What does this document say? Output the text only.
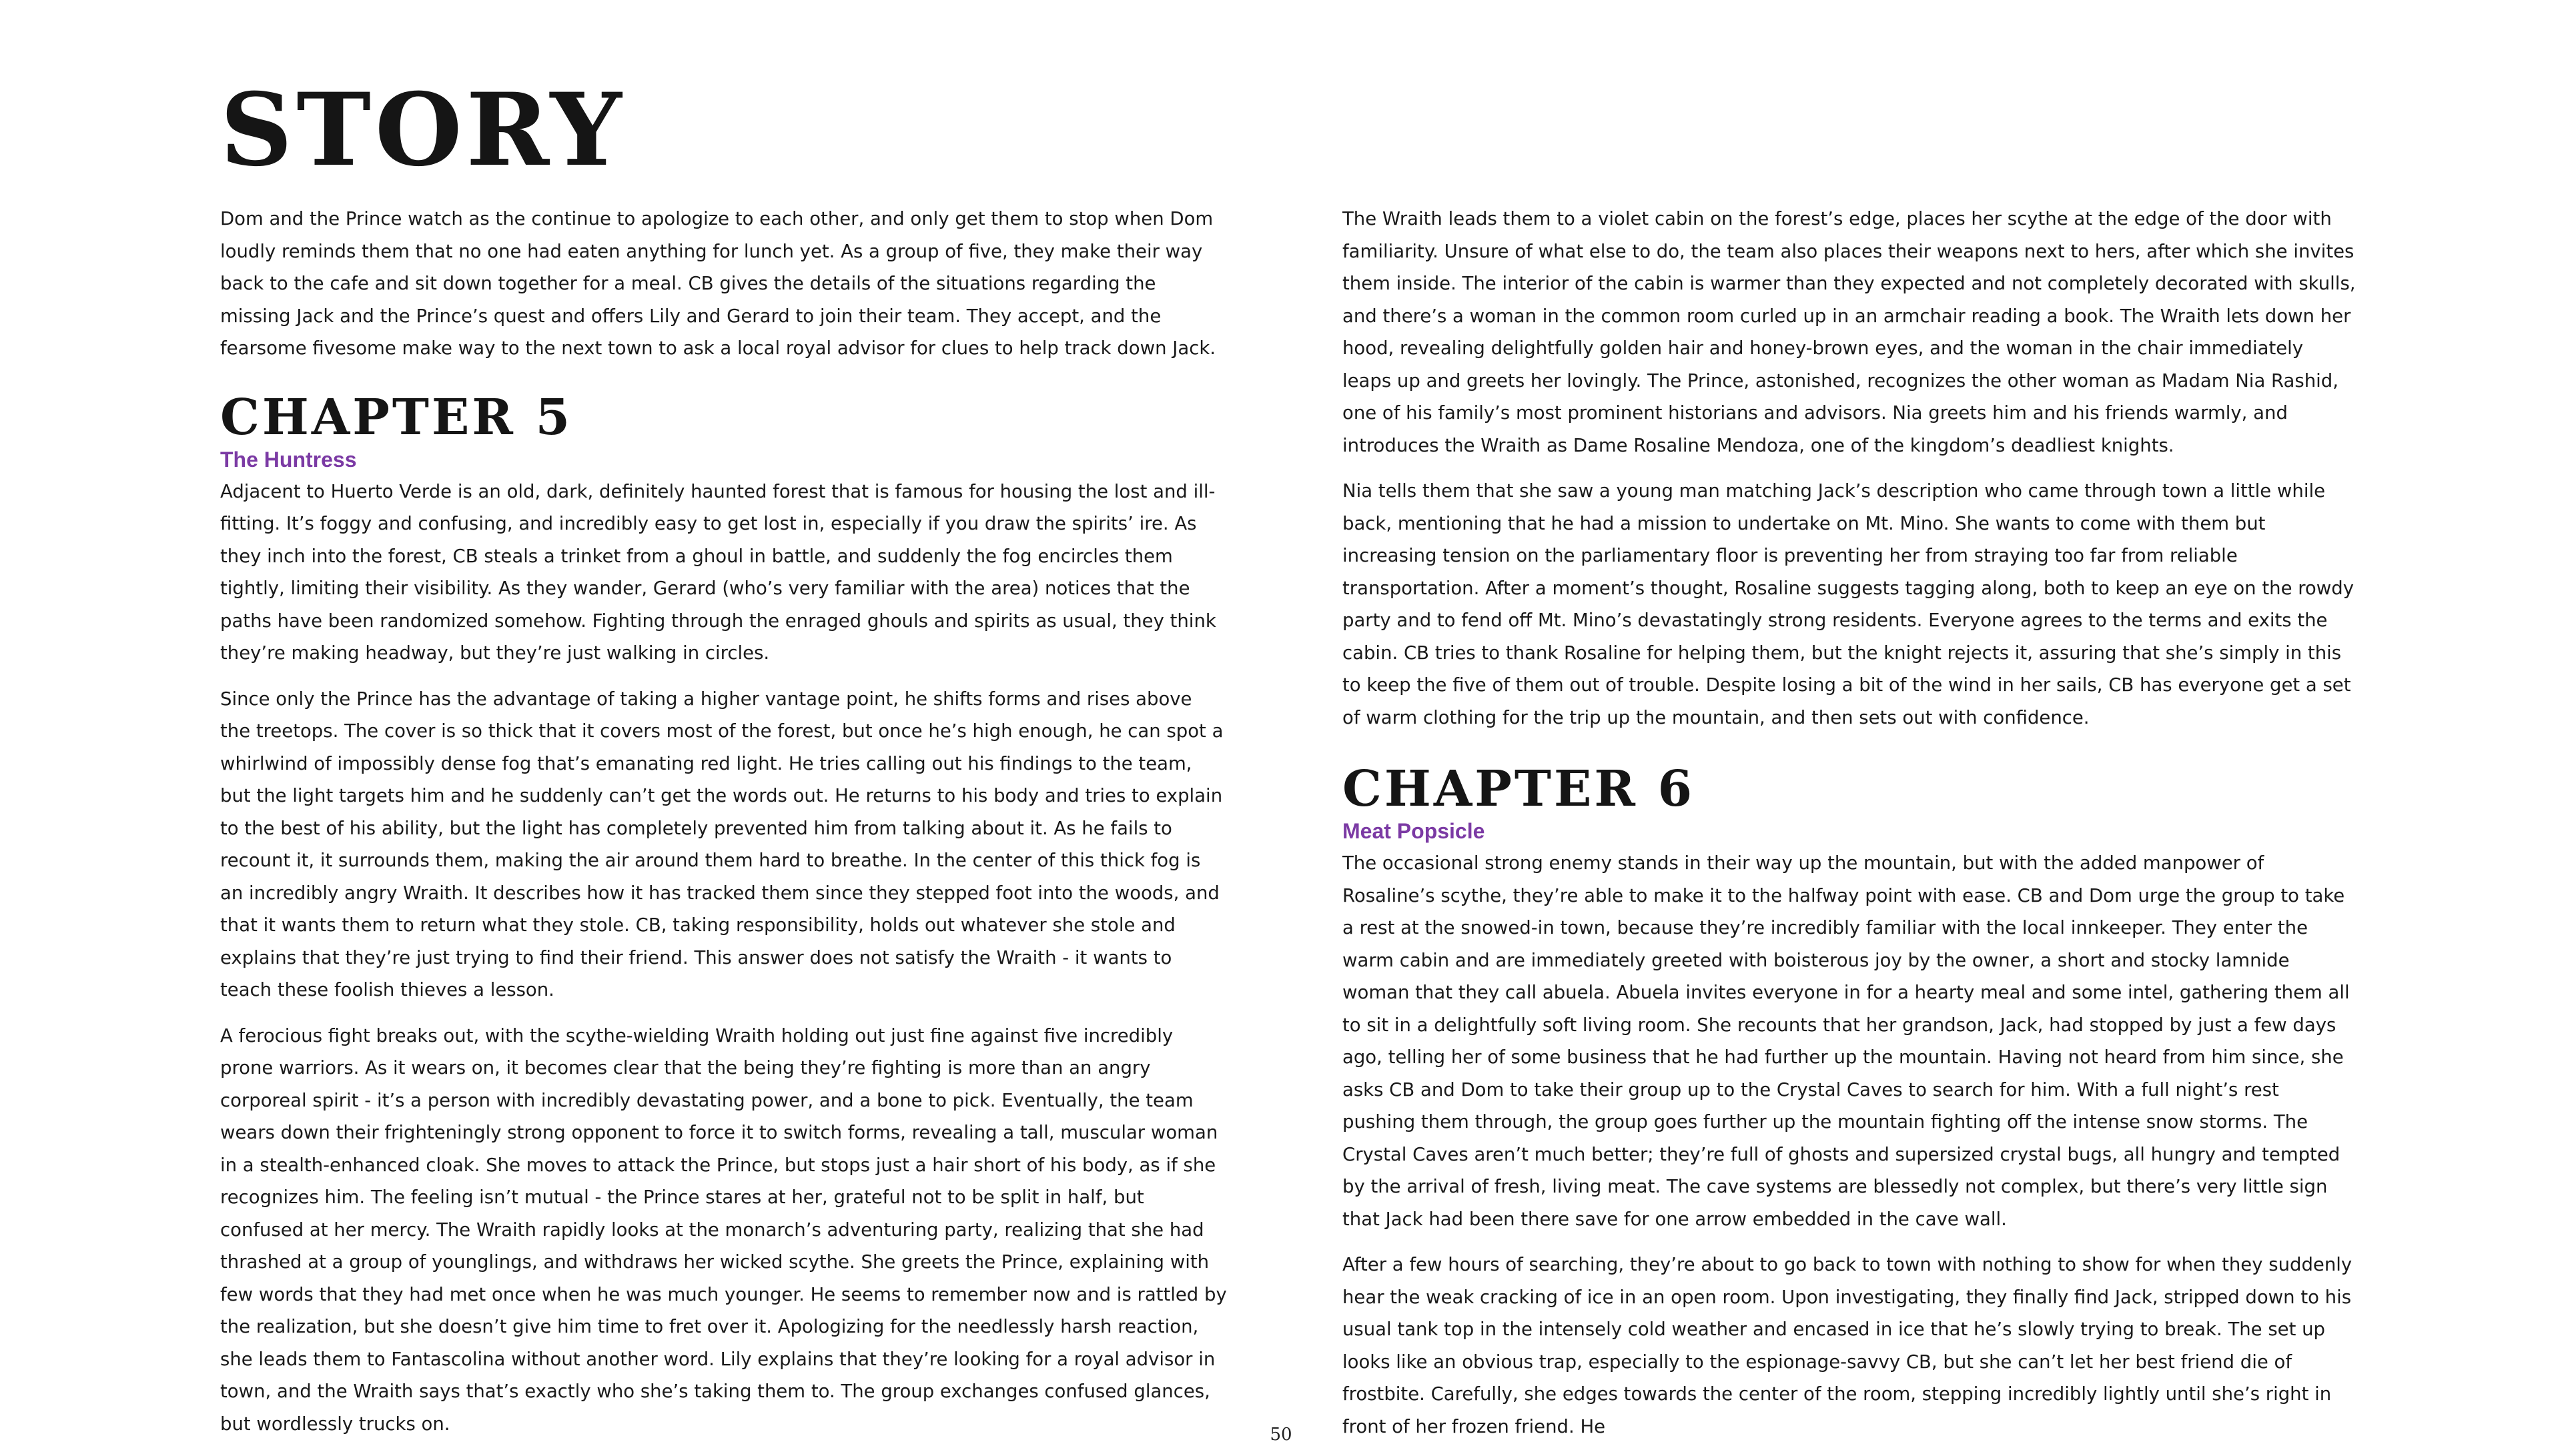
STORY

Dom and the Prince watch as the continue to apologize to each other, and only get them to stop when Dom loudly reminds them that no one had eaten anything for lunch yet. As a group of five, they make their way back to the cafe and sit down together for a meal. CB gives the details of the situations regarding the missing Jack and the Prince’s quest and offers Lily and Gerard to join their team. They accept, and the fearsome fivesome make way to the next town to ask a local royal advisor for clues to help track down Jack.

CHAPTER 5
The Huntress

Adjacent to Huerto Verde is an old, dark, definitely haunted forest that is famous for housing the lost and ill-fitting. It’s foggy and confusing, and incredibly easy to get lost in, especially if you draw the spirits’ ire. As they inch into the forest, CB steals a trinket from a ghoul in battle, and suddenly the fog encircles them tightly, limiting their visibility. As they wander, Gerard (who’s very familiar with the area) notices that the paths have been randomized somehow. Fighting through the enraged ghouls and spirits as usual, they think they’re making headway, but they’re just walking in circles.

Since only the Prince has the advantage of taking a higher vantage point, he shifts forms and rises above the treetops. The cover is so thick that it covers most of the forest, but once he’s high enough, he can spot a whirlwind of impossibly dense fog that’s emanating red light. He tries calling out his findings to the team, but the light targets him and he suddenly can’t get the words out. He returns to his body and tries to explain to the best of his ability, but the light has completely prevented him from talking about it. As he fails to recount it, it surrounds them, making the air around them hard to breathe. In the center of this thick fog is an incredibly angry Wraith. It describes how it has tracked them since they stepped foot into the woods, and that it wants them to return what they stole. CB, taking responsibility, holds out whatever she stole and explains that they’re just trying to find their friend. This answer does not satisfy the Wraith - it wants to teach these foolish thieves a lesson.

A ferocious fight breaks out, with the scythe-wielding Wraith holding out just fine against five incredibly prone warriors. As it wears on, it becomes clear that the being they’re fighting is more than an angry corporeal spirit - it’s a person with incredibly devastating power, and a bone to pick. Eventually, the team wears down their frighteningly strong opponent to force it to switch forms, revealing a tall, muscular woman in a stealth-enhanced cloak. She moves to attack the Prince, but stops just a hair short of his body, as if she recognizes him. The feeling isn’t mutual - the Prince stares at her, grateful not to be split in half, but confused at her mercy. The Wraith rapidly looks at the monarch’s adventuring party, realizing that she had thrashed at a group of younglings, and withdraws her wicked scythe. She greets the Prince, explaining with few words that they had met once when he was much younger. He seems to remember now and is rattled by the realization, but she doesn’t give him time to fret over it. Apologizing for the needlessly harsh reaction, she leads them to Fantascolina without another word. Lily explains that they’re looking for a royal advisor in town, and the Wraith says that’s exactly who she’s taking them to. The group exchanges confused glances, but wordlessly trucks on.

The Wraith leads them to a violet cabin on the forest’s edge, places her scythe at the edge of the door with familiarity. Unsure of what else to do, the team also places their weapons next to hers, after which she invites them inside. The interior of the cabin is warmer than they expected and not completely decorated with skulls, and there’s a woman in the common room curled up in an armchair reading a book. The Wraith lets down her hood, revealing delightfully golden hair and honey-brown eyes, and the woman in the chair immediately leaps up and greets her lovingly. The Prince, astonished, recognizes the other woman as Madam Nia Rashid, one of his family’s most prominent historians and advisors. Nia greets him and his friends warmly, and introduces the Wraith as Dame Rosaline Mendoza, one of the kingdom’s deadliest knights.

Nia tells them that she saw a young man matching Jack’s description who came through town a little while back, mentioning that he had a mission to undertake on Mt. Mino. She wants to come with them but increasing tension on the parliamentary floor is preventing her from straying too far from reliable transportation. After a moment’s thought, Rosaline suggests tagging along, both to keep an eye on the rowdy party and to fend off Mt. Mino’s devastatingly strong residents. Everyone agrees to the terms and exits the cabin. CB tries to thank Rosaline for helping them, but the knight rejects it, assuring that she’s simply in this to keep the five of them out of trouble. Despite losing a bit of the wind in her sails, CB has everyone get a set of warm clothing for the trip up the mountain, and then sets out with confidence.

CHAPTER 6
Meat Popsicle

The occasional strong enemy stands in their way up the mountain, but with the added manpower of Rosaline’s scythe, they’re able to make it to the halfway point with ease. CB and Dom urge the group to take a rest at the snowed-in town, because they’re incredibly familiar with the local innkeeper. They enter the warm cabin and are immediately greeted with boisterous joy by the owner, a short and stocky lamnide woman that they call abuela. Abuela invites everyone in for a hearty meal and some intel, gathering them all to sit in a delightfully soft living room. She recounts that her grandson, Jack, had stopped by just a few days ago, telling her of some business that he had further up the mountain. Having not heard from him since, she asks CB and Dom to take their group up to the Crystal Caves to search for him. With a full night’s rest pushing them through, the group goes further up the mountain fighting off the intense snow storms. The Crystal Caves aren’t much better; they’re full of ghosts and supersized crystal bugs, all hungry and tempted by the arrival of fresh, living meat. The cave systems are blessedly not complex, but there’s very little sign that Jack had been there save for one arrow embedded in the cave wall.

After a few hours of searching, they’re about to go back to town with nothing to show for when they suddenly hear the weak cracking of ice in an open room. Upon investigating, they finally find Jack, stripped down to his usual tank top in the intensely cold weather and encased in ice that he’s slowly trying to break. The set up looks like an obvious trap, especially to the espionage-savvy CB, but she can’t let her best friend die of frostbite. Carefully, she edges towards the center of the room, stepping incredibly lightly until she’s right in front of her frozen friend. He

50
